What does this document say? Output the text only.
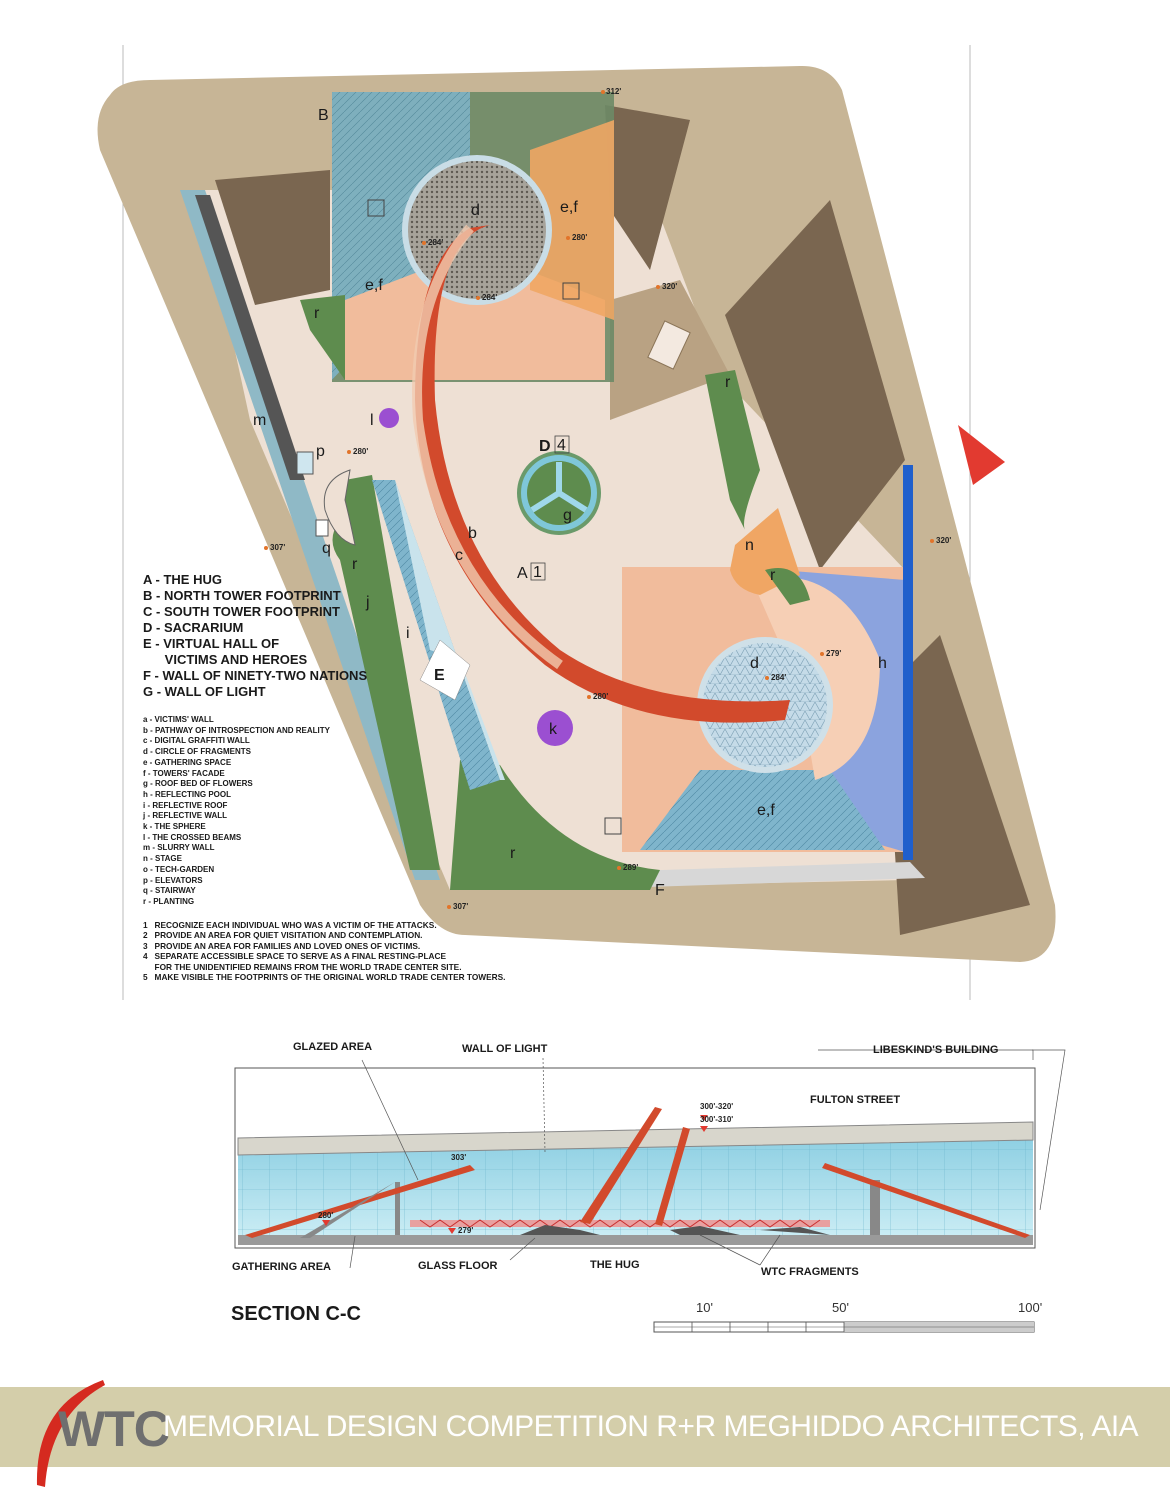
B
d	e,f
e,f
r
r
m
p
l
q
r
j
i
E
b
c
A 1
D 4
g
n
r
d	h
k
e,f
r
F
312'
284'
280'
284'
320'
280'
307'
279'
284'
280'
320'
289'
307'
A - THE HUG
B - NORTH TOWER FOOTPRINT
C - SOUTH TOWER FOOTPRINT
D - SACRARIUM
E - VIRTUAL HALL OF
VICTIMS AND HEROES
F - WALL OF NINETY-TWO NATIONS
G - WALL OF LIGHT
a - VICTIMS' WALL
b - PATHWAY OF INTROSPECTION AND REALITY
c - DIGITAL GRAFFITI WALL
d - CIRCLE OF FRAGMENTS
e - GATHERING SPACE
f - TOWERS' FACADE
g - ROOF BED OF FLOWERS
h - REFLECTING POOL
i - REFLECTIVE ROOF
j - REFLECTIVE WALL
k - THE SPHERE
l - THE CROSSED BEAMS
m - SLURRY WALL
n - STAGE
o - TECH-GARDEN
p - ELEVATORS
q - STAIRWAY
r - PLANTING
1   RECOGNIZE EACH INDIVIDUAL WHO WAS A VICTIM OF THE ATTACKS.
2   PROVIDE AN AREA FOR QUIET VISITATION AND CONTEMPLATION.
3   PROVIDE AN AREA FOR FAMILIES AND LOVED ONES OF VICTIMS.
4   SEPARATE ACCESSIBLE SPACE TO SERVE AS A FINAL RESTING-PLACE
FOR THE UNIDENTIFIED REMAINS FROM THE WORLD TRADE CENTER SITE.
5   MAKE VISIBLE THE FOOTPRINTS OF THE ORIGINAL WORLD TRADE CENTER TOWERS.
280'
279'
303'
300'-320'
300'-310'
GLAZED AREA	WALL OF LIGHT	LIBESKIND'S BUILDING
FULTON STREET
GATHERING AREA	GLASS FLOOR	THE HUG
WTC FRAGMENTS
SECTION C-C	10'	50'	100'
WTC
MEMORIAL DESIGN COMPETITION R+R MEGHIDDO ARCHITECTS, AIA
